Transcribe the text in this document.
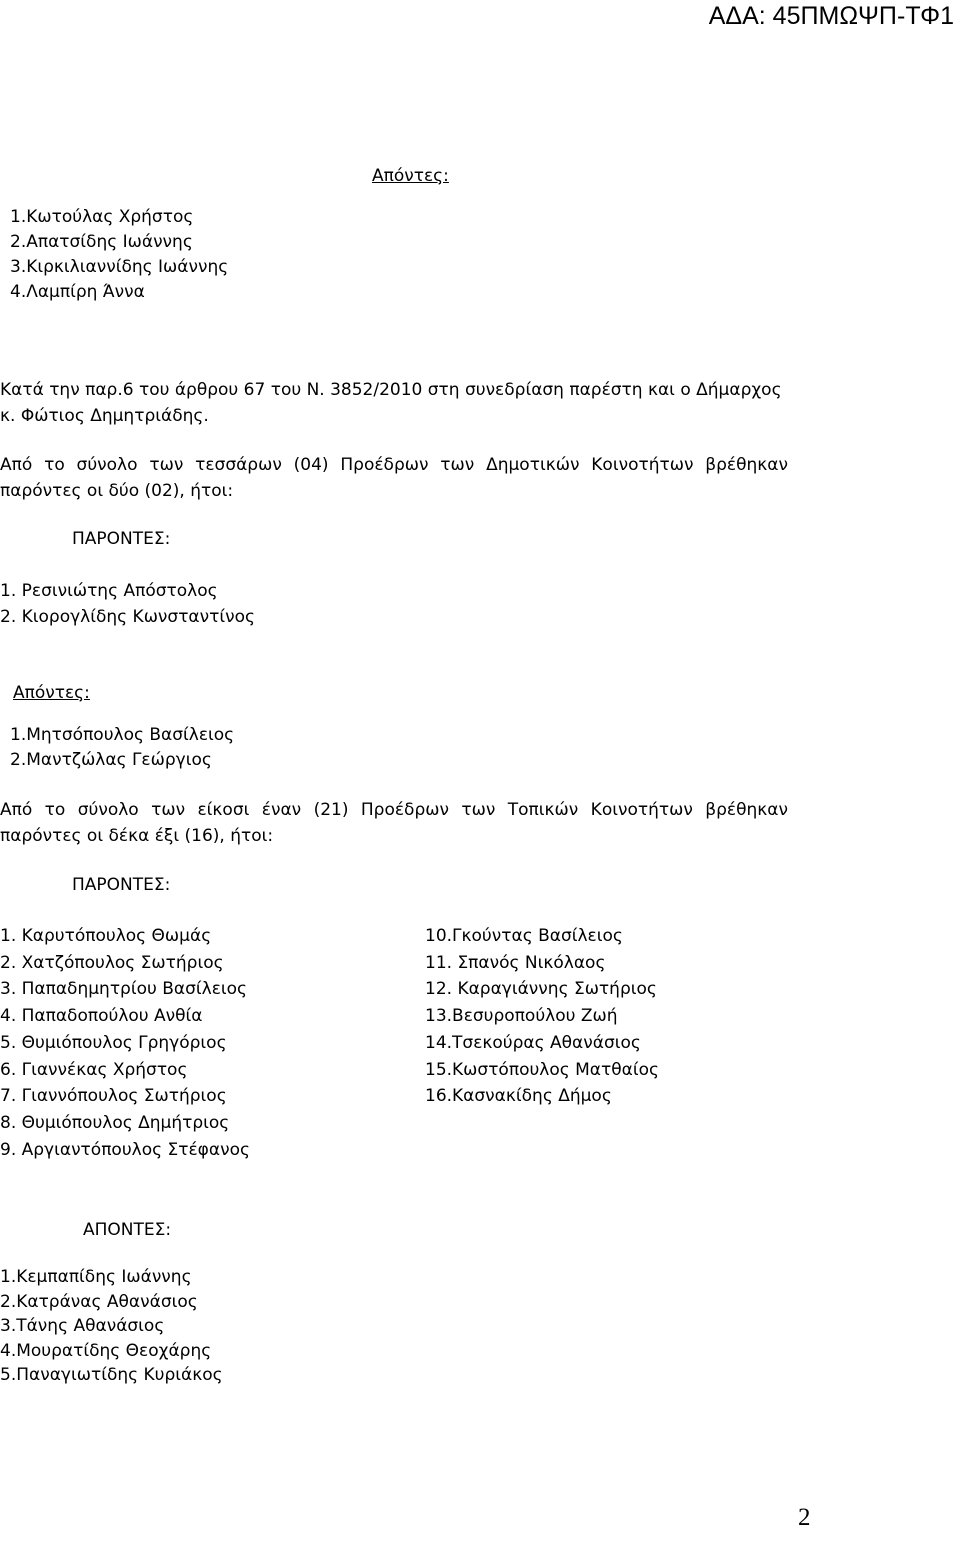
ΑΔΑ: 45ΠΜΩΨΠ-ΤΦ1
Απόντες:
1.Κωτούλας Χρήστος
2.Απατσίδης Ιωάννης
3.Κιρκιλιαννίδης Ιωάννης
4.Λαμπίρη Άννα
Κατά την παρ.6 του άρθρου 67 του Ν. 3852/2010 στη συνεδρίαση παρέστη και ο Δήμαρχος
κ. Φώτιος Δημητριάδης.
Από το σύνολο των τεσσάρων (04) Προέδρων των Δημοτικών Κοινοτήτων βρέθηκαν
παρόντες οι δύο (02), ήτοι:
ΠΑΡΟΝΤΕΣ:
1. Ρεσινιώτης Απόστολος
2. Κιορογλίδης Κωνσταντίνος
Απόντες:
1.Μητσόπουλος Βασίλειος
2.Μαντζώλας Γεώργιος
Από το σύνολο των είκοσι έναν (21) Προέδρων των Τοπικών Κοινοτήτων βρέθηκαν
παρόντες οι δέκα έξι (16), ήτοι:
ΠΑΡΟΝΤΕΣ:
1. Καρυτόπουλος Θωμάς
2. Χατζόπουλος Σωτήριος
3. Παπαδημητρίου Βασίλειος
4. Παπαδοπούλου Ανθία
5. Θυμιόπουλος Γρηγόριος
6. Γιαννέκας Χρήστος
7. Γιαννόπουλος Σωτήριος
8. Θυμιόπουλος Δημήτριος
9. Αργιαντόπουλος Στέφανος
10.Γκούντας Βασίλειος
11. Σπανός Νικόλαος
12. Καραγιάννης Σωτήριος
13.Βεσυροπούλου Ζωή
14.Τσεκούρας Αθανάσιος
15.Κωστόπουλος Ματθαίος
16.Κασνακίδης Δήμος
ΑΠΟΝΤΕΣ:
1.Κεμπαπίδης Ιωάννης
2.Κατράνας Αθανάσιος
3.Τάνης Αθανάσιος
4.Μουρατίδης Θεοχάρης
5.Παναγιωτίδης Κυριάκος
2
